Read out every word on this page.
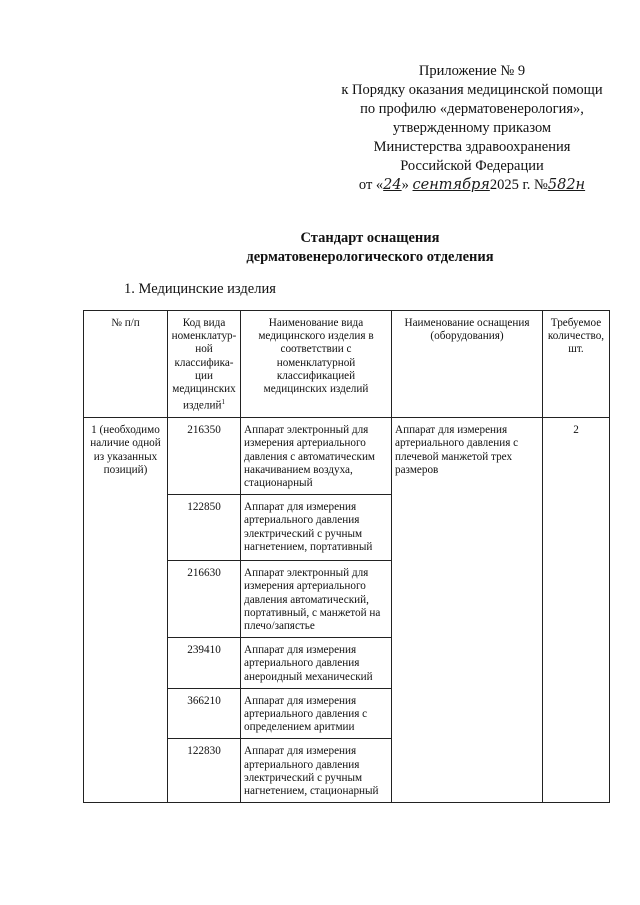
Приложение № 9
к Порядку оказания медицинской помощи
по профилю «дерматовенерология»,
утвержденному приказом
Министерства здравоохранения
Российской Федерации
от «24» сентября2025 г. №582н
Стандарт оснащения
дерматовенерологического отделения
1. Медицинские изделия
№ п/п	Код вида номенклатур-ной классифика-ции медицинских изделий$^1$	Наименование вида медицинского изделия в соответствии с номенклатурной классификацией медицинских изделий	Наименование оснащения (оборудования)	Требуемое количество, шт.
1 (необходимо наличие одной из указанных позиций)	216350	Аппарат электронный для измерения артериального давления с автоматическим накачиванием воздуха, стационарный	Аппарат для измерения артериального давления с плечевой манжетой трех размеров	2
	122850	Аппарат для измерения артериального давления электрический с ручным нагнетением, портативный		
	216630	Аппарат электронный для измерения артериального давления автоматический, портативный, с манжетой на плечо/запястье		
	239410	Аппарат для измерения артериального давления анероидный механический		
	366210	Аппарат для измерения артериального давления с определением аритмии		
	122830	Аппарат для измерения артериального давления электрический с ручным нагнетением, стационарный		
